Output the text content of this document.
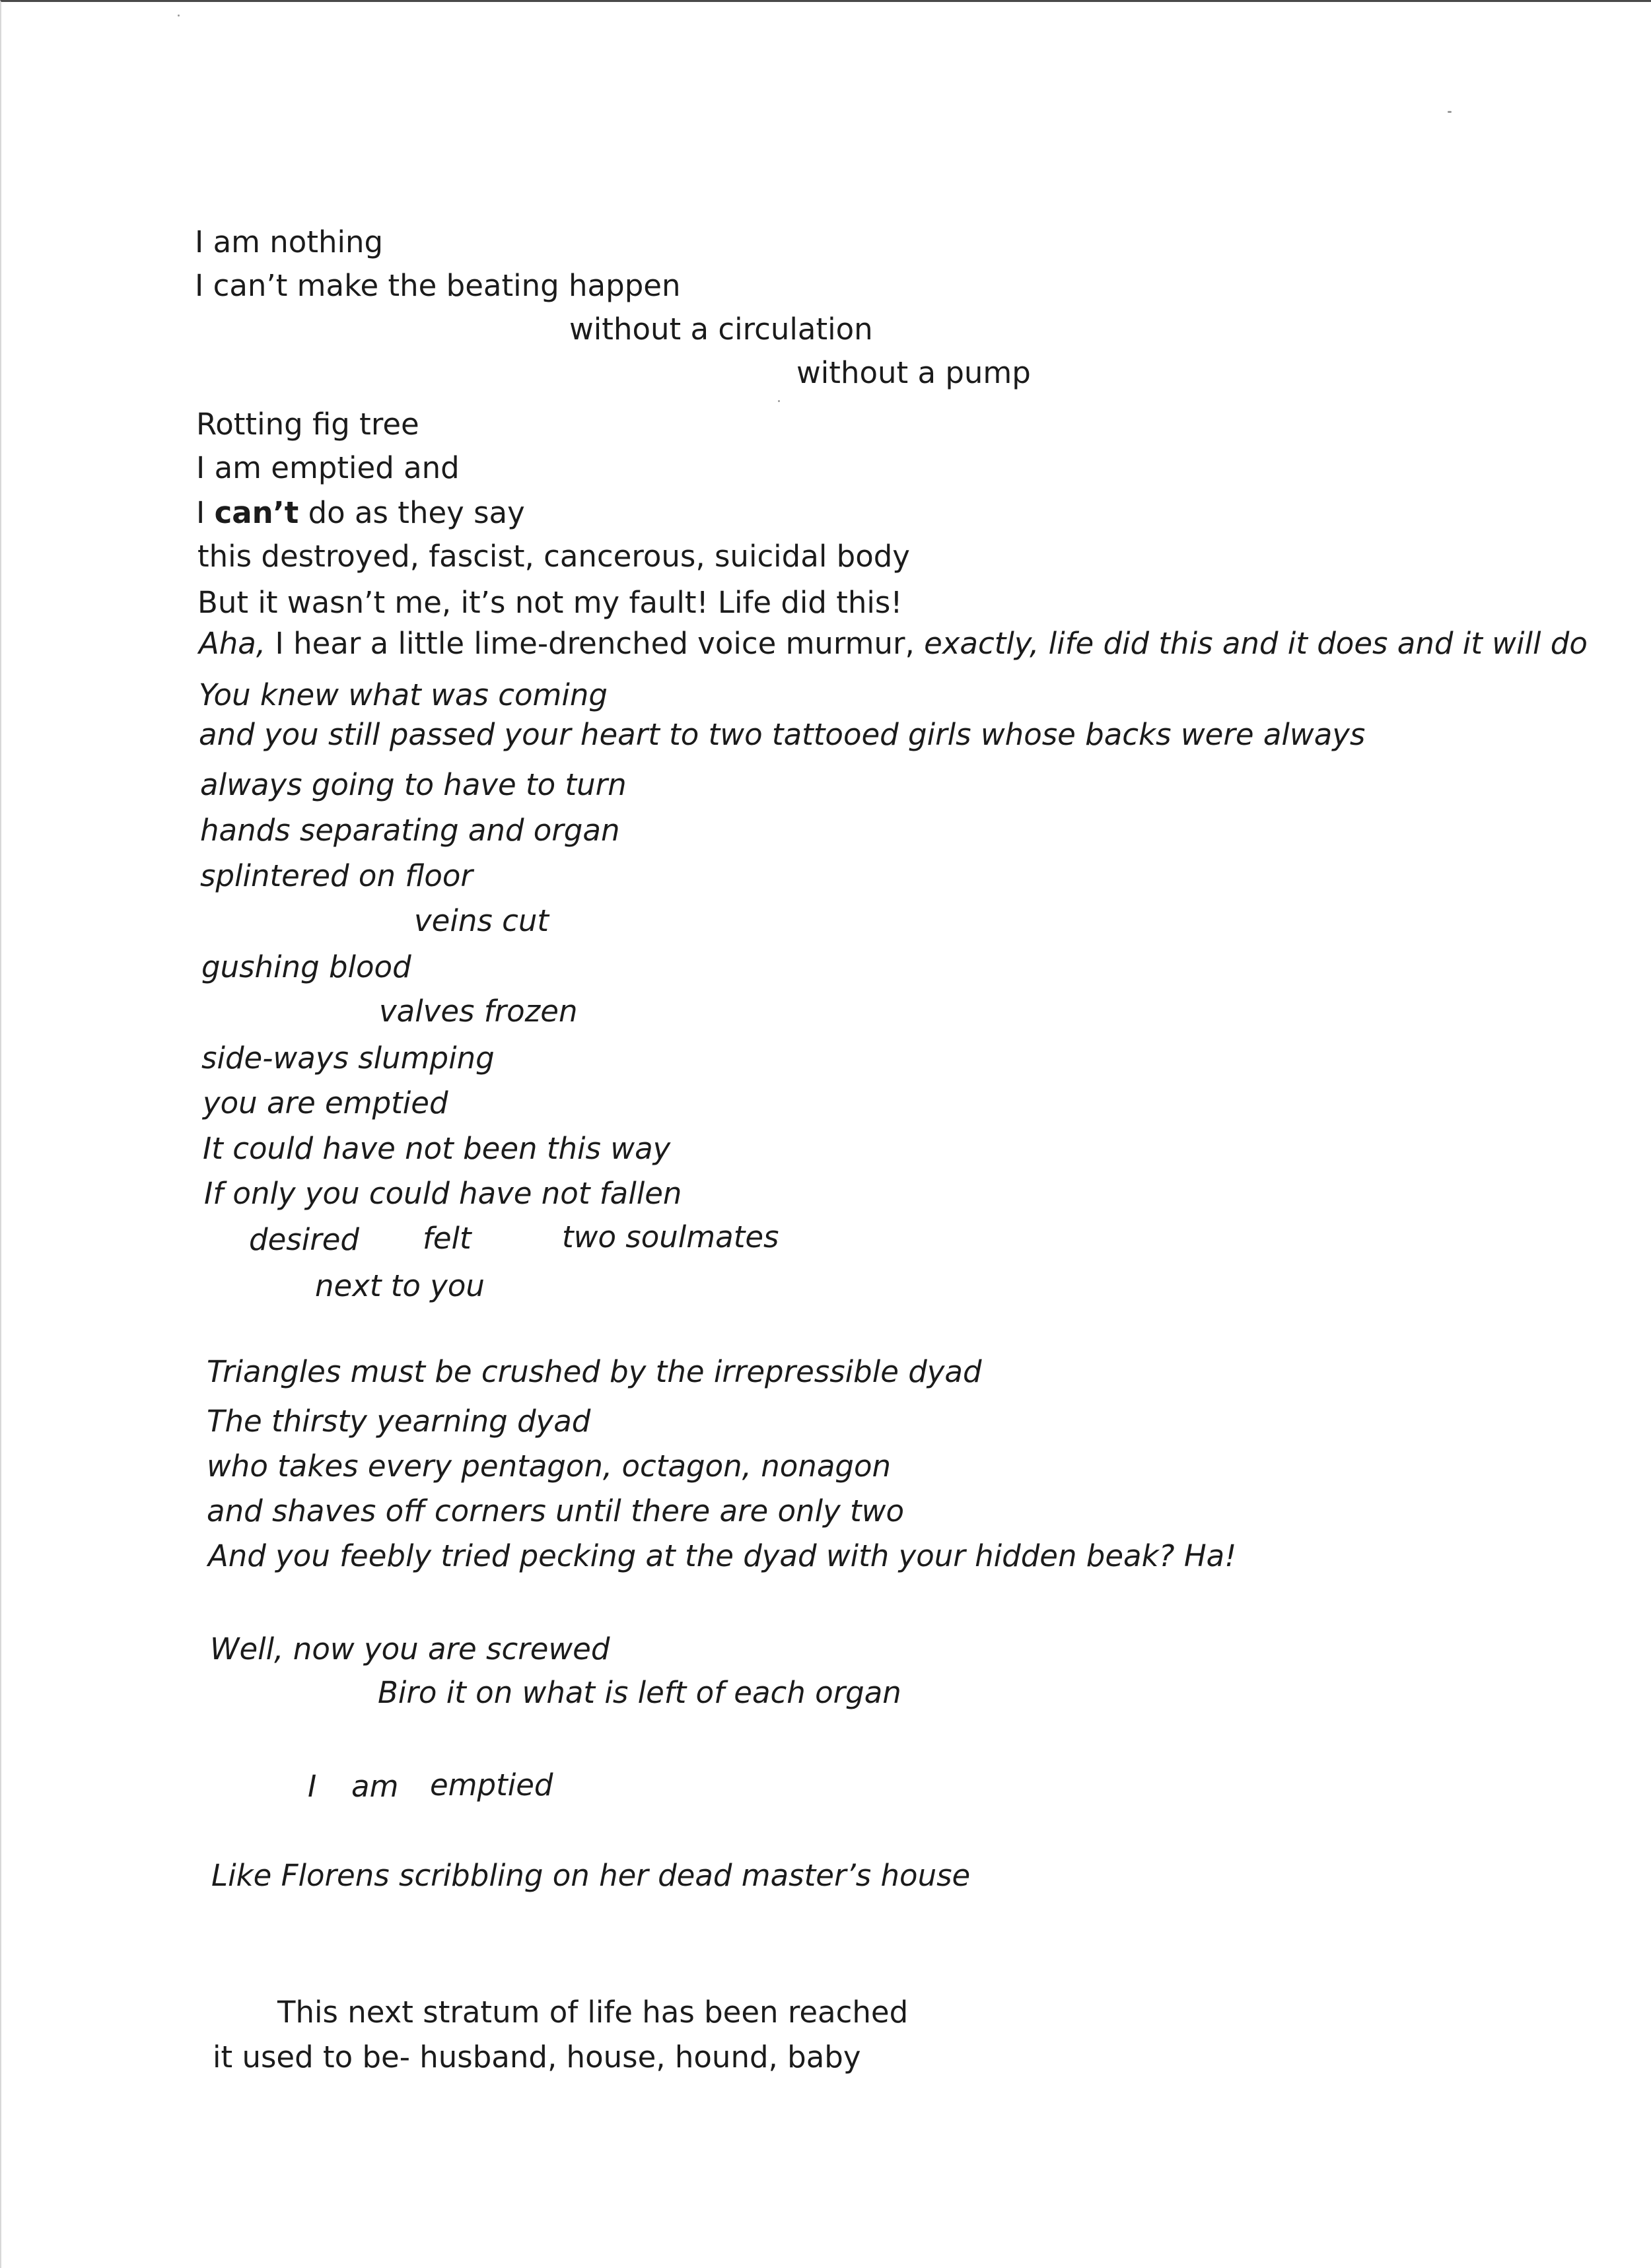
I am nothing
I can’t make the beating happen
without a circulation
without a pump
Rotting fig tree
I am emptied and
I can’t do as they say
this destroyed, fascist, cancerous, suicidal body
But it wasn’t me, it’s not my fault! Life did this!
Aha, I hear a little lime-drenched voice murmur, exactly, life did this and it does and it will do
You knew what was coming
and you still passed your heart to two tattooed girls whose backs were always
always going to have to turn
hands separating and organ
splintered on floor
veins cut
gushing blood
valves frozen
side-ways slumping
you are emptied
It could have not been this way
If only you could have not fallen
desired felt	two soulmates
next to you
Triangles must be crushed by the irrepressible dyad
The thirsty yearning dyad
who takes every pentagon, octagon, nonagon
and shaves off corners until there are only two
And you feebly tried pecking at the dyad with your hidden beak? Ha!
Well, now you are screwed
Biro it on what is left of each organ
I am emptied
Like Florens scribbling on her dead master’s house
This next stratum of life has been reached
it used to be- husband, house, hound, baby
